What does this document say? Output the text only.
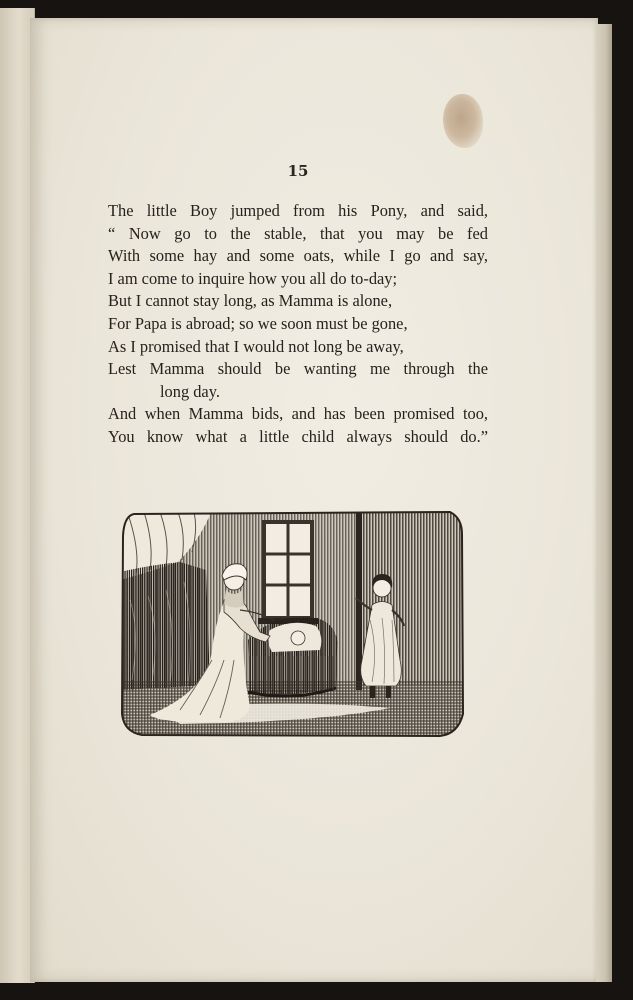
15
The little Boy jumped from his Pony, and said,
“ Now go to the stable, that you may be fed
With some hay and some oats, while I go and say,
I am come to inquire how you all do to-day;
But I cannot stay long, as Mamma is alone,
For Papa is abroad; so we soon must be gone,
As I promised that I would not long be away,
Lest Mamma should be wanting me through the
long day.
And when Mamma bids, and has been promised too,
You know what a little child always should do.”
